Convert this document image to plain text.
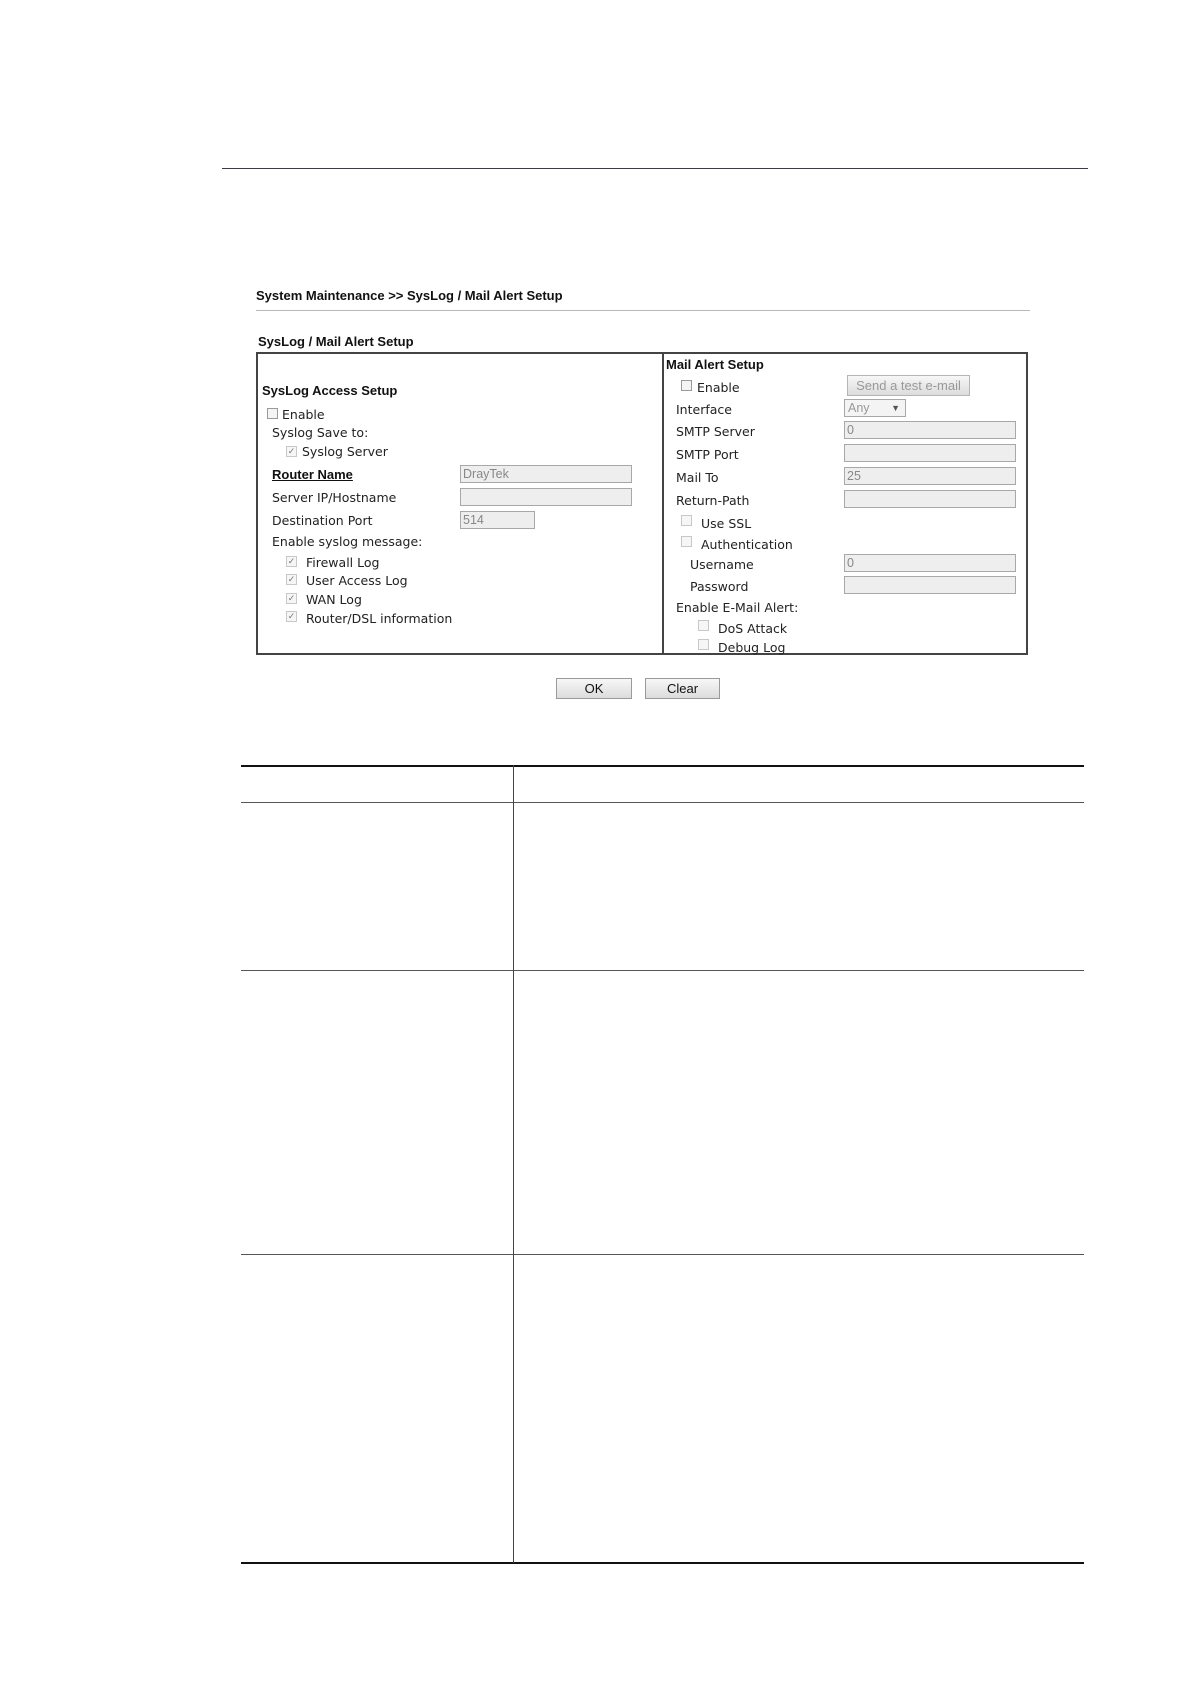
System Maintenance >> SysLog / Mail Alert Setup
SysLog / Mail Alert Setup
SysLog Access Setup
Enable
Syslog Save to:
✓ Syslog Server
Router Name	DrayTek
Server IP/Hostname
Destination Port	514
Enable syslog message:
✓ Firewall Log
✓ User Access Log
✓ WAN Log
✓ Router/DSL information
Mail Alert Setup
Enable	Send a test e-mail
Interface	Any ▼
SMTP Server	0
SMTP Port
Mail To	25
Return-Path
Use SSL
Authentication
Username	0
Password
Enable E-Mail Alert:
DoS Attack
Debug Log
OK	Clear
